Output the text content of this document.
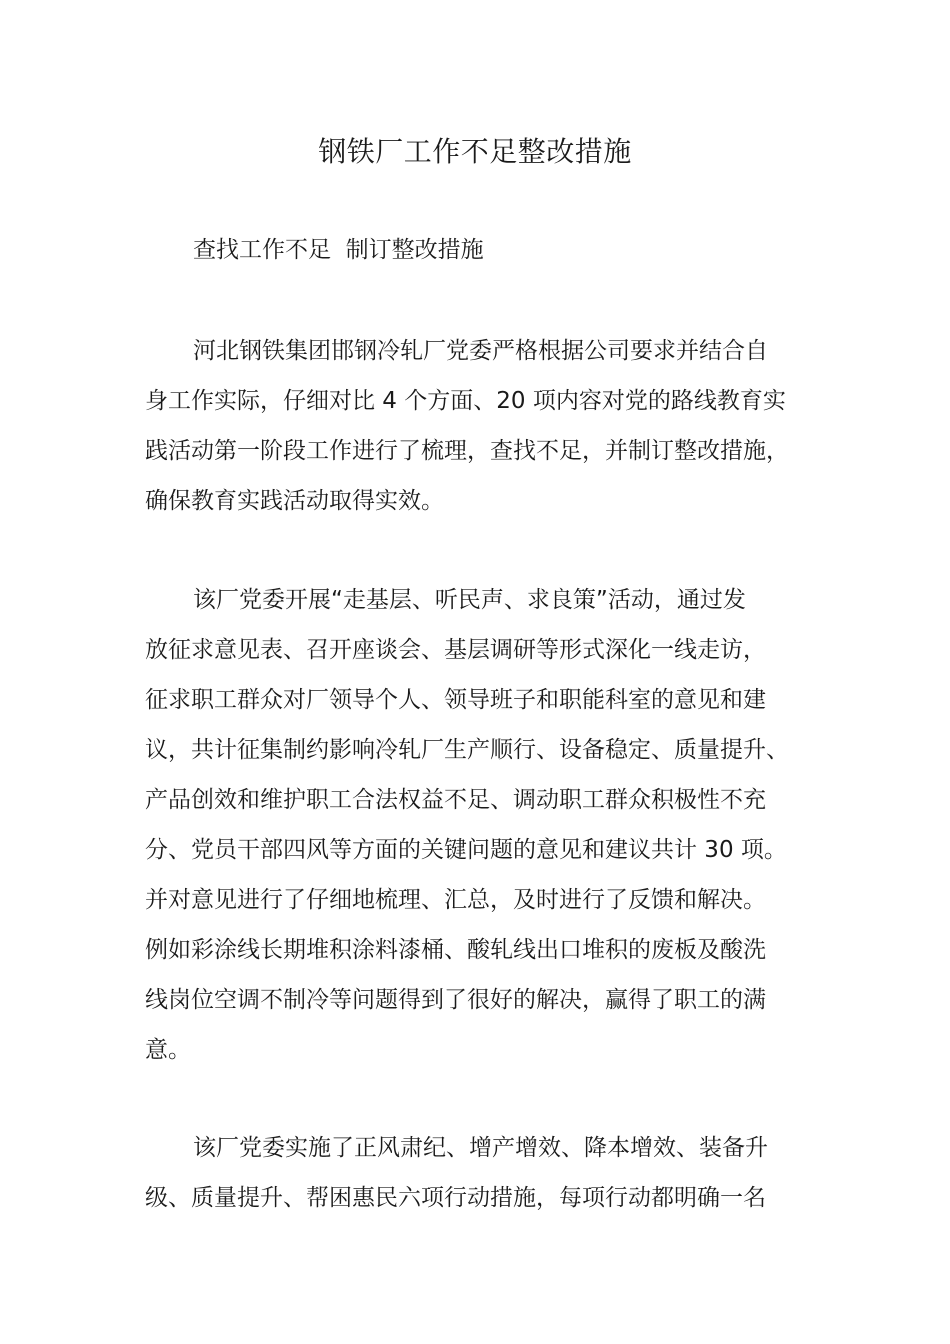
钢铁厂工作不足整改措施

查找工作不足  制订整改措施

河北钢铁集团邯钢冷轧厂党委严格根据公司要求并结合自
身工作实际，仔细对比 4 个方面、20 项内容对党的路线教育实
践活动第一阶段工作进行了梳理，查找不足，并制订整改措施，
确保教育实践活动取得实效。
该厂党委开展“走基层、听民声、求良策”活动，通过发
放征求意见表、召开座谈会、基层调研等形式深化一线走访，
征求职工群众对厂领导个人、领导班子和职能科室的意见和建
议，共计征集制约影响冷轧厂生产顺行、设备稳定、质量提升、
产品创效和维护职工合法权益不足、调动职工群众积极性不充
分、党员干部四风等方面的关键问题的意见和建议共计 30 项。
并对意见进行了仔细地梳理、汇总，及时进行了反馈和解决。
例如彩涂线长期堆积涂料漆桶、酸轧线出口堆积的废板及酸洗
线岗位空调不制冷等问题得到了很好的解决，赢得了职工的满
意。
该厂党委实施了正风肃纪、增产增效、降本增效、装备升
级、质量提升、帮困惠民六项行动措施，每项行动都明确一名
